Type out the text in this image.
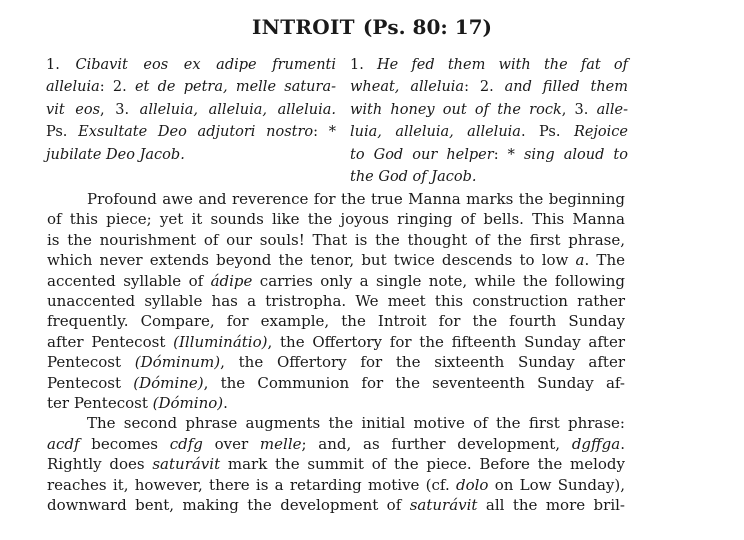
INTROIT (Ps. 80: 17)
1. Cibavit eos ex adipe frumenti
alleluia: 2. et de petra, melle satura-
vit eos, 3. alleluia, alleluia, alleluia.
Ps. Exsultate Deo adjutori nostro: *
jubilate Deo Jacob.
1. He fed them with the fat of
wheat, alleluia: 2. and filled them
with honey out of the rock, 3. alle-
luia, alleluia, alleluia. Ps. Rejoice
to God our helper: * sing aloud to
the God of Jacob.
Profound awe and reverence for the true Manna marks the beginning
of this piece; yet it sounds like the joyous ringing of bells. This Manna
is the nourishment of our souls! That is the thought of the first phrase,
which never extends beyond the tenor, but twice descends to low a. The
accented syllable of ádipe carries only a single note, while the following
unaccented syllable has a tristropha. We meet this construction rather
frequently. Compare, for example, the Introit for the fourth Sunday
after Pentecost (Illuminátio), the Offertory for the fifteenth Sunday after
Pentecost (Dóminum), the Offertory for the sixteenth Sunday after
Pentecost (Dómine), the Communion for the seventeenth Sunday af-
ter Pentecost (Dómino).
The second phrase augments the initial motive of the first phrase:
acdf becomes cdfg over melle; and, as further development, dgffga.
Rightly does saturávit mark the summit of the piece. Before the melody
reaches it, however, there is a retarding motive (cf. dolo on Low Sunday),
downward bent, making the development of saturávit all the more bril-
